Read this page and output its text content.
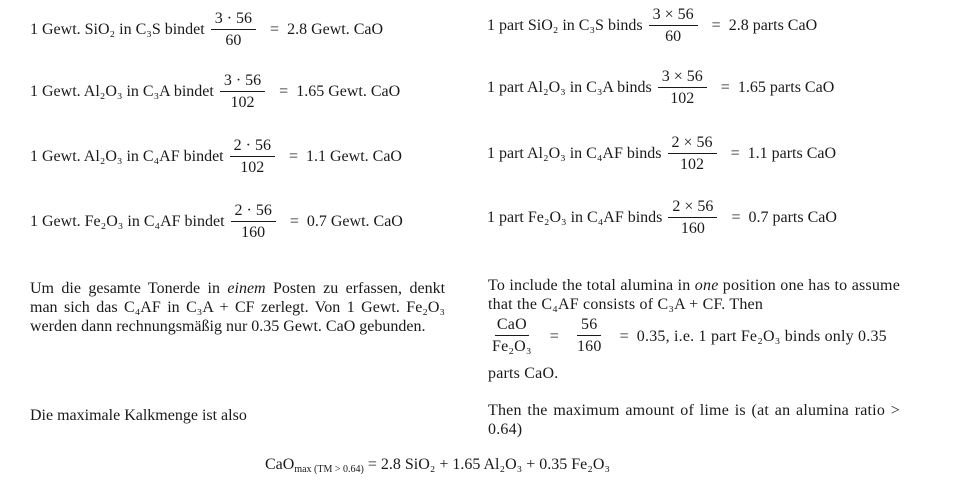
1 Gewt. SiO₂ in C₃S bindet $\frac{3 \cdot 56}{60} = 2.8$ Gewt. CaO
1 Gewt. Al₂O₃ in C₃A bindet $\frac{3 \cdot 56}{102} = 1.65$ Gewt. CaO
1 Gewt. Al₂O₃ in C₄AF bindet $\frac{2 \cdot 56}{102} = 1.1$ Gewt. CaO
1 Gewt. Fe₂O₃ in C₄AF bindet $\frac{2 \cdot 56}{160} = 0.7$ Gewt. CaO
1 part SiO₂ in C₃S binds $\frac{3 \times 56}{60} = 2.8$ parts CaO
1 part Al₂O₃ in C₃A binds $\frac{3 \times 56}{102} = 1.65$ parts CaO
1 part Al₂O₃ in C₄AF binds $\frac{2 \times 56}{102} = 1.1$ parts CaO
1 part Fe₂O₃ in C₄AF binds $\frac{2 \times 56}{160} = 0.7$ parts CaO
Um die gesamte Tonerde in einem Posten zu erfassen, denkt man sich das C₄AF in C₃A + CF zerlegt. Von 1 Gewt. Fe₂O₃ werden dann rechnungsmäßig nur 0.35 Gewt. CaO gebunden.
To include the total alumina in one position one has to assume that the C₄AF consists of C₃A + CF. Then
$\frac{\text{CaO}}{\text{Fe₂O₃}} = \frac{56}{160} = 0.35$, i.e. 1 part Fe₂O₃ binds only 0.35
parts CaO.
Die maximale Kalkmenge ist also	Then the maximum amount of lime is (at an alumina ratio > 0.64)
CaO$_{max (TM > 0.64)}$ = 2.8 SiO₂ + 1.65 Al₂O₃ + 0.35 Fe₂O₃
